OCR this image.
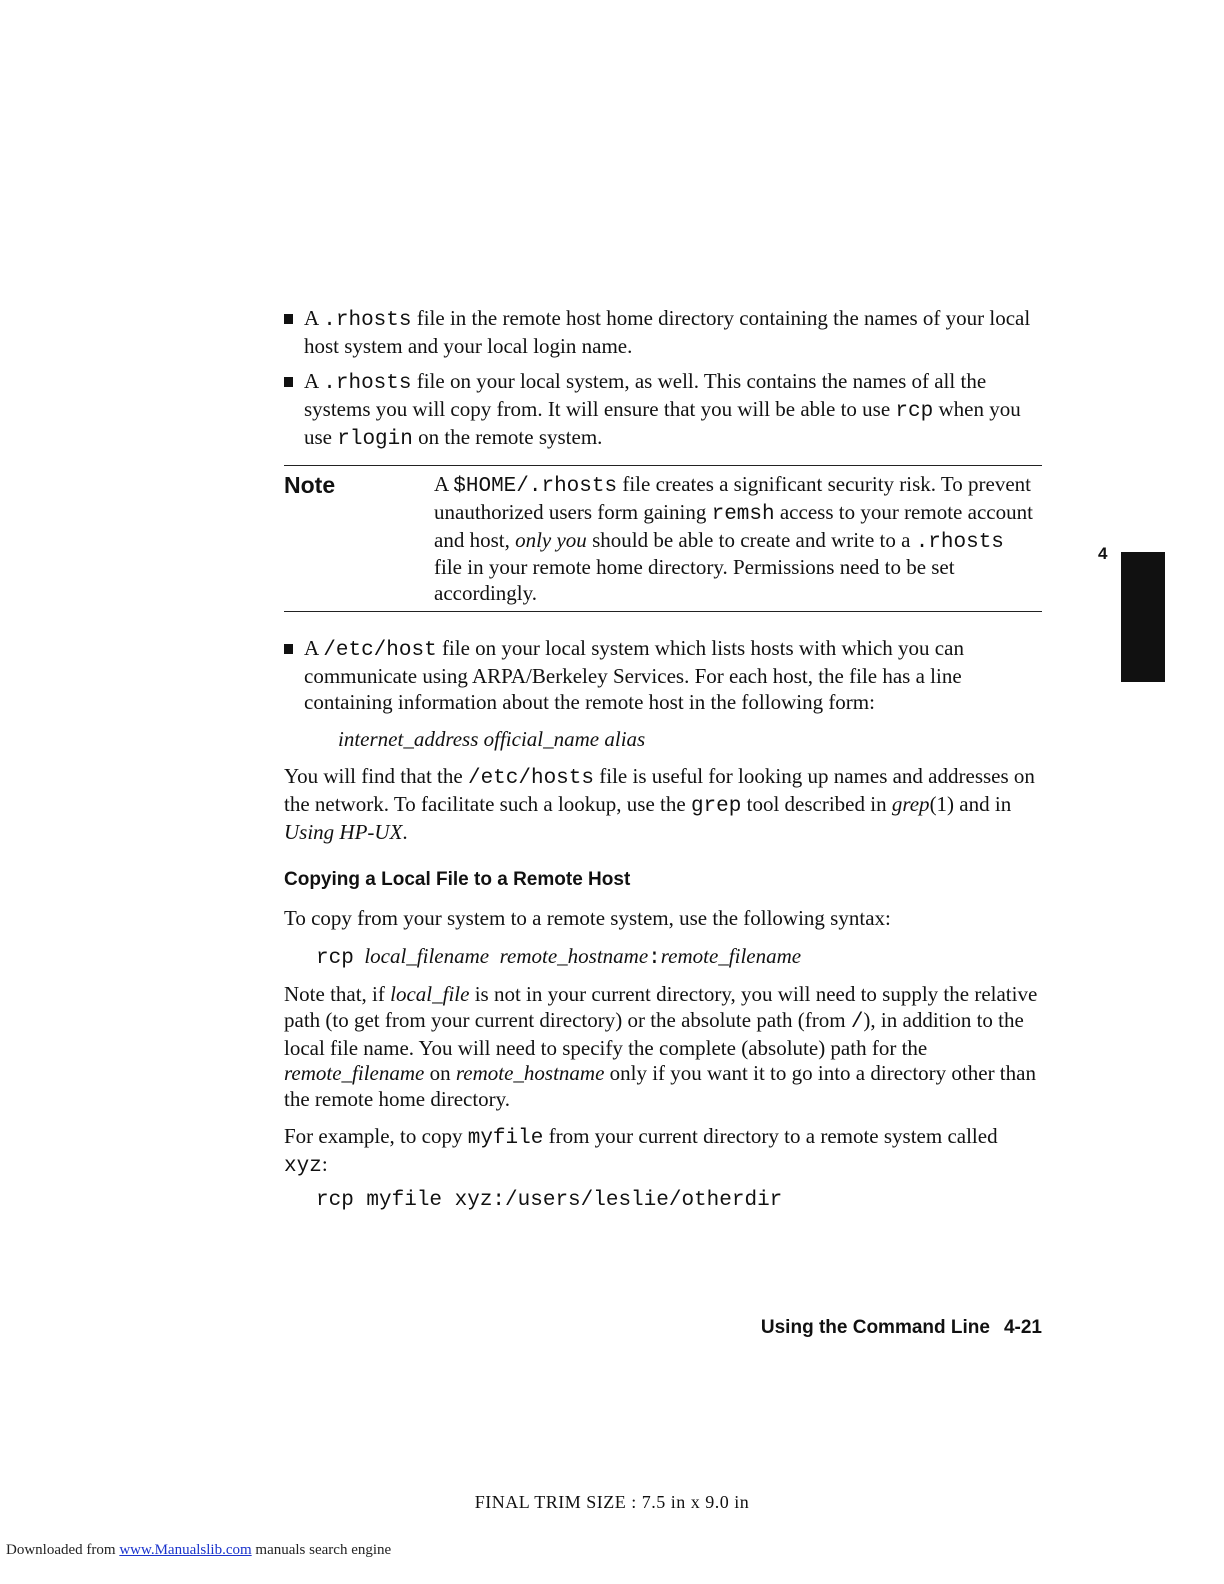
A .rhosts file in the remote host home directory containing the names of your local host system and your local login name.
A .rhosts file on your local system, as well. This contains the names of all the systems you will copy from. It will ensure that you will be able to use rcp when you use rlogin on the remote system.
Note	A $HOME/.rhosts file creates a significant security risk. To prevent unauthorized users form gaining remsh access to your remote account and host, only you should be able to create and write to a .rhosts file in your remote home directory. Permissions need to be set accordingly.
A /etc/host file on your local system which lists hosts with which you can communicate using ARPA/Berkeley Services. For each host, the file has a line containing information about the remote host in the following form:
internet_address official_name alias
You will find that the /etc/hosts file is useful for looking up names and addresses on the network. To facilitate such a lookup, use the grep tool described in grep(1) and in Using HP-UX.
Copying a Local File to a Remote Host
To copy from your system to a remote system, use the following syntax:
rcp local_filename remote_hostname:remote_filename
Note that, if local_file is not in your current directory, you will need to supply the relative path (to get from your current directory) or the absolute path (from /), in addition to the local file name. You will need to specify the complete (absolute) path for the remote_filename on remote_hostname only if you want it to go into a directory other than the remote home directory.
For example, to copy myfile from your current directory to a remote system called xyz:
rcp myfile xyz:/users/leslie/otherdir
Using the Command Line 4-21
FINAL TRIM SIZE : 7.5 in x 9.0 in
Downloaded from www.Manualslib.com manuals search engine
4
